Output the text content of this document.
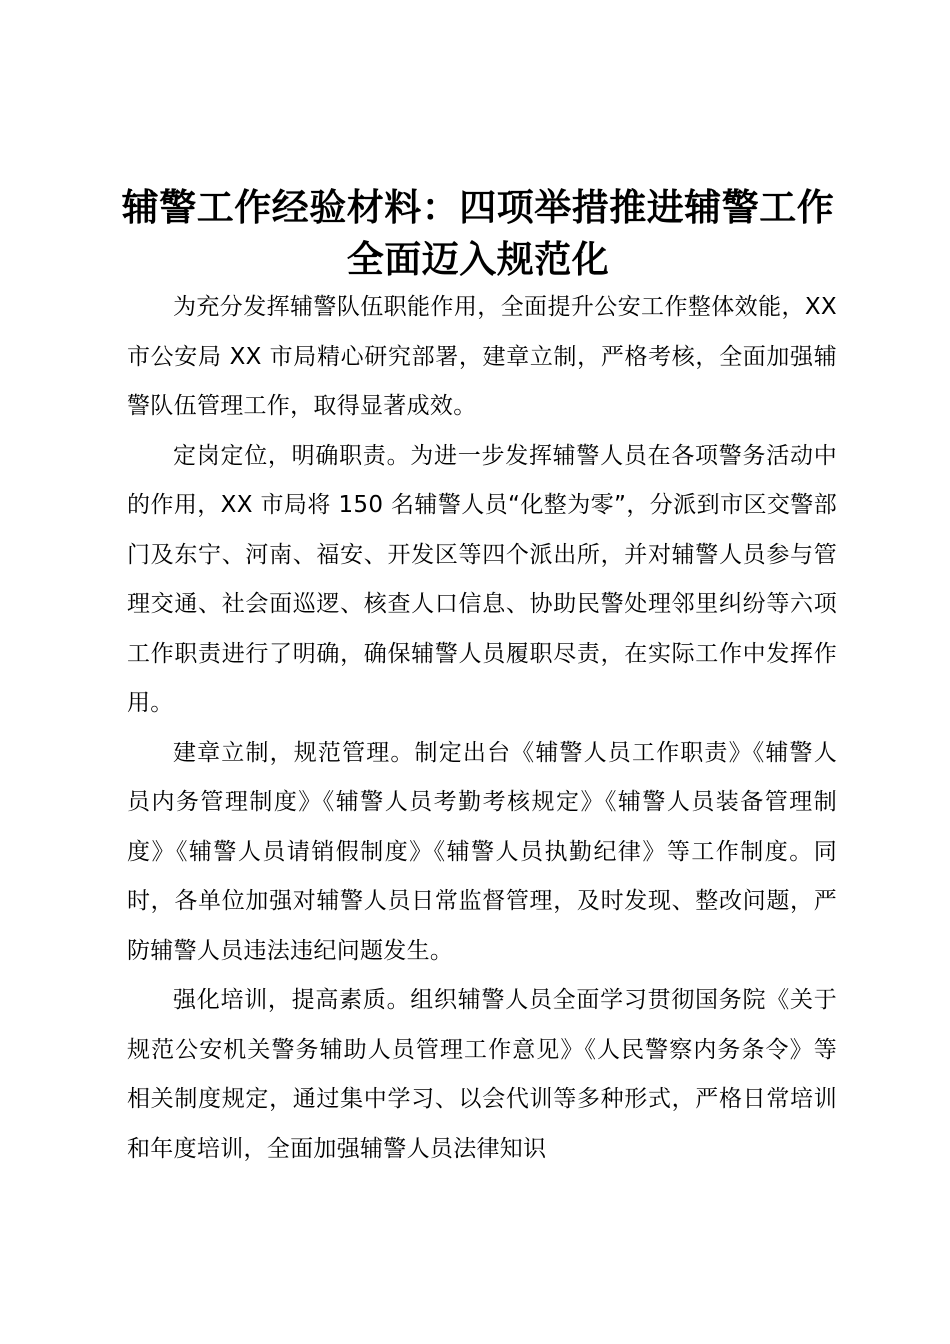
辅警工作经验材料：四项举措推进辅警工作全面迈入规范化

为充分发挥辅警队伍职能作用，全面提升公安工作整体效能，XX 市公安局 XX 市局精心研究部署，建章立制，严格考核，全面加强辅警队伍管理工作，取得显著成效。

定岗定位，明确职责。为进一步发挥辅警人员在各项警务活动中的作用，XX 市局将 150 名辅警人员“化整为零”，分派到市区交警部门及东宁、河南、福安、开发区等四个派出所，并对辅警人员参与管理交通、社会面巡逻、核查人口信息、协助民警处理邻里纠纷等六项工作职责进行了明确，确保辅警人员履职尽责，在实际工作中发挥作用。

建章立制，规范管理。制定出台《辅警人员工作职责》《辅警人员内务管理制度》《辅警人员考勤考核规定》《辅警人员装备管理制度》《辅警人员请销假制度》《辅警人员执勤纪律》等工作制度。同时，各单位加强对辅警人员日常监督管理，及时发现、整改问题，严防辅警人员违法违纪问题发生。

强化培训，提高素质。组织辅警人员全面学习贯彻国务院《关于规范公安机关警务辅助人员管理工作意见》《人民警察内务条令》等相关制度规定，通过集中学习、以会代训等多种形式，严格日常培训和年度培训，全面加强辅警人员法律知识
